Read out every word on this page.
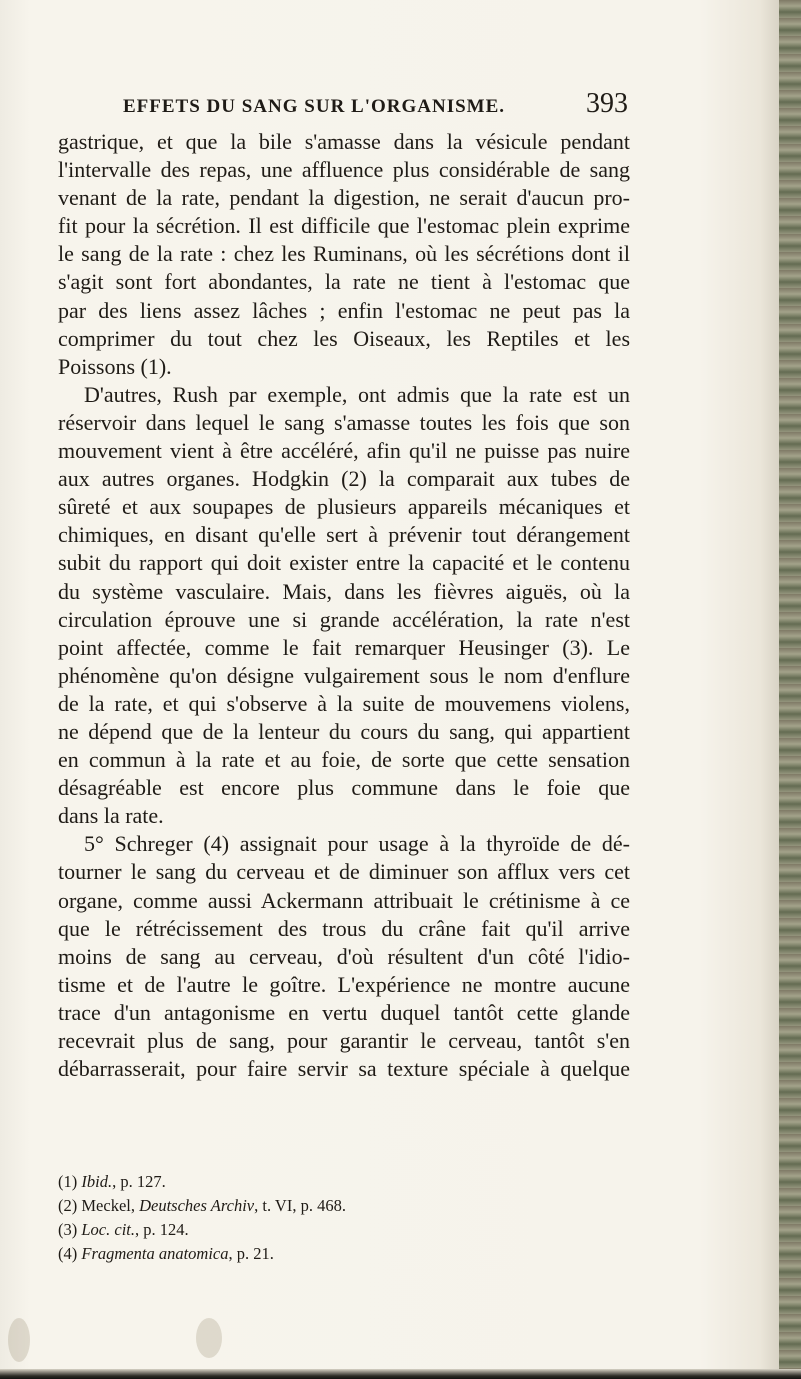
EFFETS DU SANG SUR L'ORGANISME.	393
gastrique, et que la bile s'amasse dans la vésicule pendant
l'intervalle des repas, une affluence plus considérable de sang
venant de la rate, pendant la digestion, ne serait d'aucun pro-
fit pour la sécrétion. Il est difficile que l'estomac plein exprime
le sang de la rate : chez les Ruminans, où les sécrétions dont il
s'agit sont fort abondantes, la rate ne tient à l'estomac que
par des liens assez lâches ; enfin l'estomac ne peut pas la
comprimer du tout chez les Oiseaux, les Reptiles et les
Poissons (1).
D'autres, Rush par exemple, ont admis que la rate est un
réservoir dans lequel le sang s'amasse toutes les fois que son
mouvement vient à être accéléré, afin qu'il ne puisse pas nuire
aux autres organes. Hodgkin (2) la comparait aux tubes de
sûreté et aux soupapes de plusieurs appareils mécaniques et
chimiques, en disant qu'elle sert à prévenir tout dérangement
subit du rapport qui doit exister entre la capacité et le contenu
du système vasculaire. Mais, dans les fièvres aiguës, où la
circulation éprouve une si grande accélération, la rate n'est
point affectée, comme le fait remarquer Heusinger (3). Le
phénomène qu'on désigne vulgairement sous le nom d'enflure
de la rate, et qui s'observe à la suite de mouvemens violens,
ne dépend que de la lenteur du cours du sang, qui appartient
en commun à la rate et au foie, de sorte que cette sensation
désagréable est encore plus commune dans le foie que
dans la rate.
5° Schreger (4) assignait pour usage à la thyroïde de dé-
tourner le sang du cerveau et de diminuer son afflux vers cet
organe, comme aussi Ackermann attribuait le crétinisme à ce
que le rétrécissement des trous du crâne fait qu'il arrive
moins de sang au cerveau, d'où résultent d'un côté l'idio-
tisme et de l'autre le goître. L'expérience ne montre aucune
trace d'un antagonisme en vertu duquel tantôt cette glande
recevrait plus de sang, pour garantir le cerveau, tantôt s'en
débarrasserait, pour faire servir sa texture spéciale à quelque
(1) Ibid., p. 127.
(2) Meckel, Deutsches Archiv, t. VI, p. 468.
(3) Loc. cit., p. 124.
(4) Fragmenta anatomica, p. 21.
